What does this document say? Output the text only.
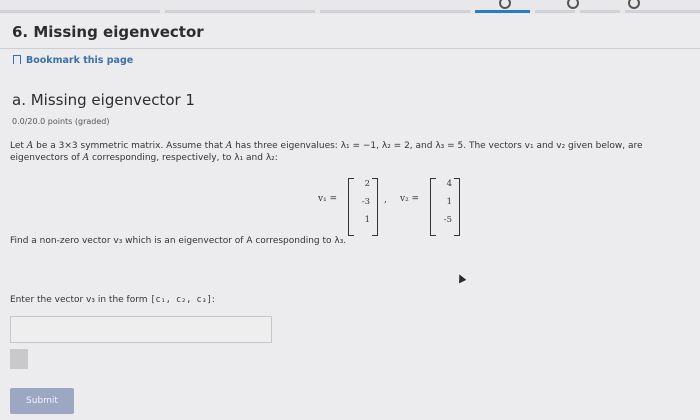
6. Missing eigenvector
Bookmark this page
a. Missing eigenvector 1
0.0/20.0 points (graded)
Let A be a 3×3 symmetric matrix. Assume that A has three eigenvalues: λ₁ = −1, λ₂ = 2, and λ₃ = 5. The vectors v₁ and v₂ given below, are eigenvectors of A corresponding, respectively, to λ₁ and λ₂:
v₁ =
2
-3
1
, v₂ =
4
1
-5
Find a non-zero vector v₃ which is an eigenvector of A corresponding to λ₃.
Enter the vector v₃ in the form [c₁, c₂, c₃]:
Submit
